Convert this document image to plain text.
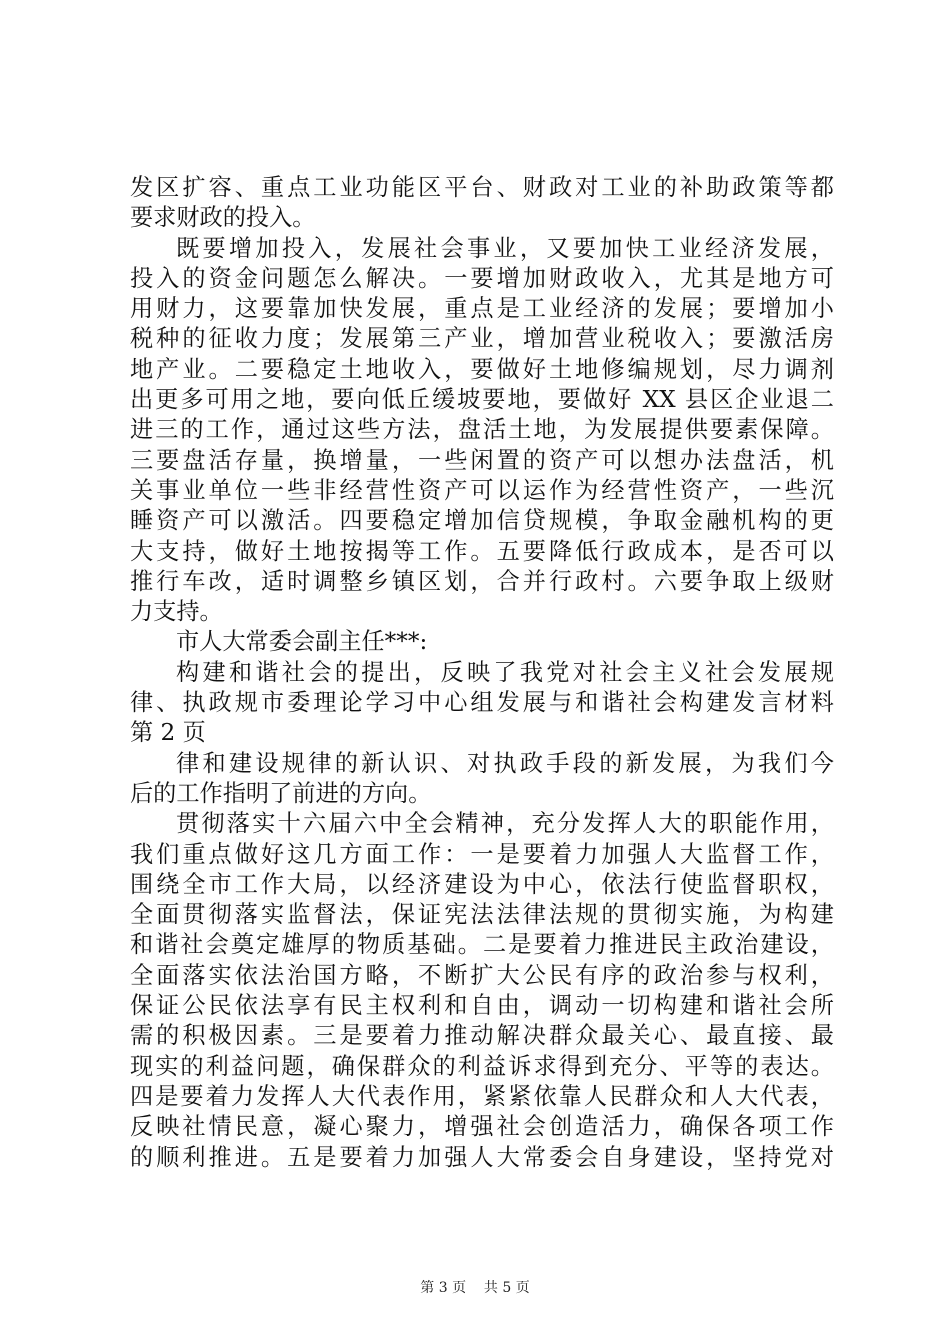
发区扩容、重点工业功能区平台、财政对工业的补助政策等都
要求财政的投入。
既要增加投入，发展社会事业，又要加快工业经济发展，
投入的资金问题怎么解决。一要增加财政收入，尤其是地方可
用财力，这要靠加快发展，重点是工业经济的发展；要增加小
税种的征收力度；发展第三产业，增加营业税收入；要激活房
地产业。二要稳定土地收入，要做好土地修编规划，尽力调剂
出更多可用之地，要向低丘缓坡要地，要做好 XX 县区企业退二
进三的工作，通过这些方法，盘活土地，为发展提供要素保障。
三要盘活存量，换增量，一些闲置的资产可以想办法盘活，机
关事业单位一些非经营性资产可以运作为经营性资产，一些沉
睡资产可以激活。四要稳定增加信贷规模，争取金融机构的更
大支持，做好土地按揭等工作。五要降低行政成本，是否可以
推行车改，适时调整乡镇区划，合并行政村。六要争取上级财
力支持。
市人大常委会副主任***:
构建和谐社会的提出，反映了我党对社会主义社会发展规
律、执政规市委理论学习中心组发展与和谐社会构建发言材料
第 2 页
律和建设规律的新认识、对执政手段的新发展，为我们今
后的工作指明了前进的方向。
贯彻落实十六届六中全会精神，充分发挥人大的职能作用，
我们重点做好这几方面工作：一是要着力加强人大监督工作，
围绕全市工作大局，以经济建设为中心，依法行使监督职权，
全面贯彻落实监督法，保证宪法法律法规的贯彻实施，为构建
和谐社会奠定雄厚的物质基础。二是要着力推进民主政治建设，
全面落实依法治国方略，不断扩大公民有序的政治参与权利，
保证公民依法享有民主权利和自由，调动一切构建和谐社会所
需的积极因素。三是要着力推动解决群众最关心、最直接、最
现实的利益问题，确保群众的利益诉求得到充分、平等的表达。
四是要着力发挥人大代表作用，紧紧依靠人民群众和人大代表，
反映社情民意，凝心聚力，增强社会创造活力，确保各项工作
的顺利推进。五是要着力加强人大常委会自身建设，坚持党对
第 3 页 共 5 页
